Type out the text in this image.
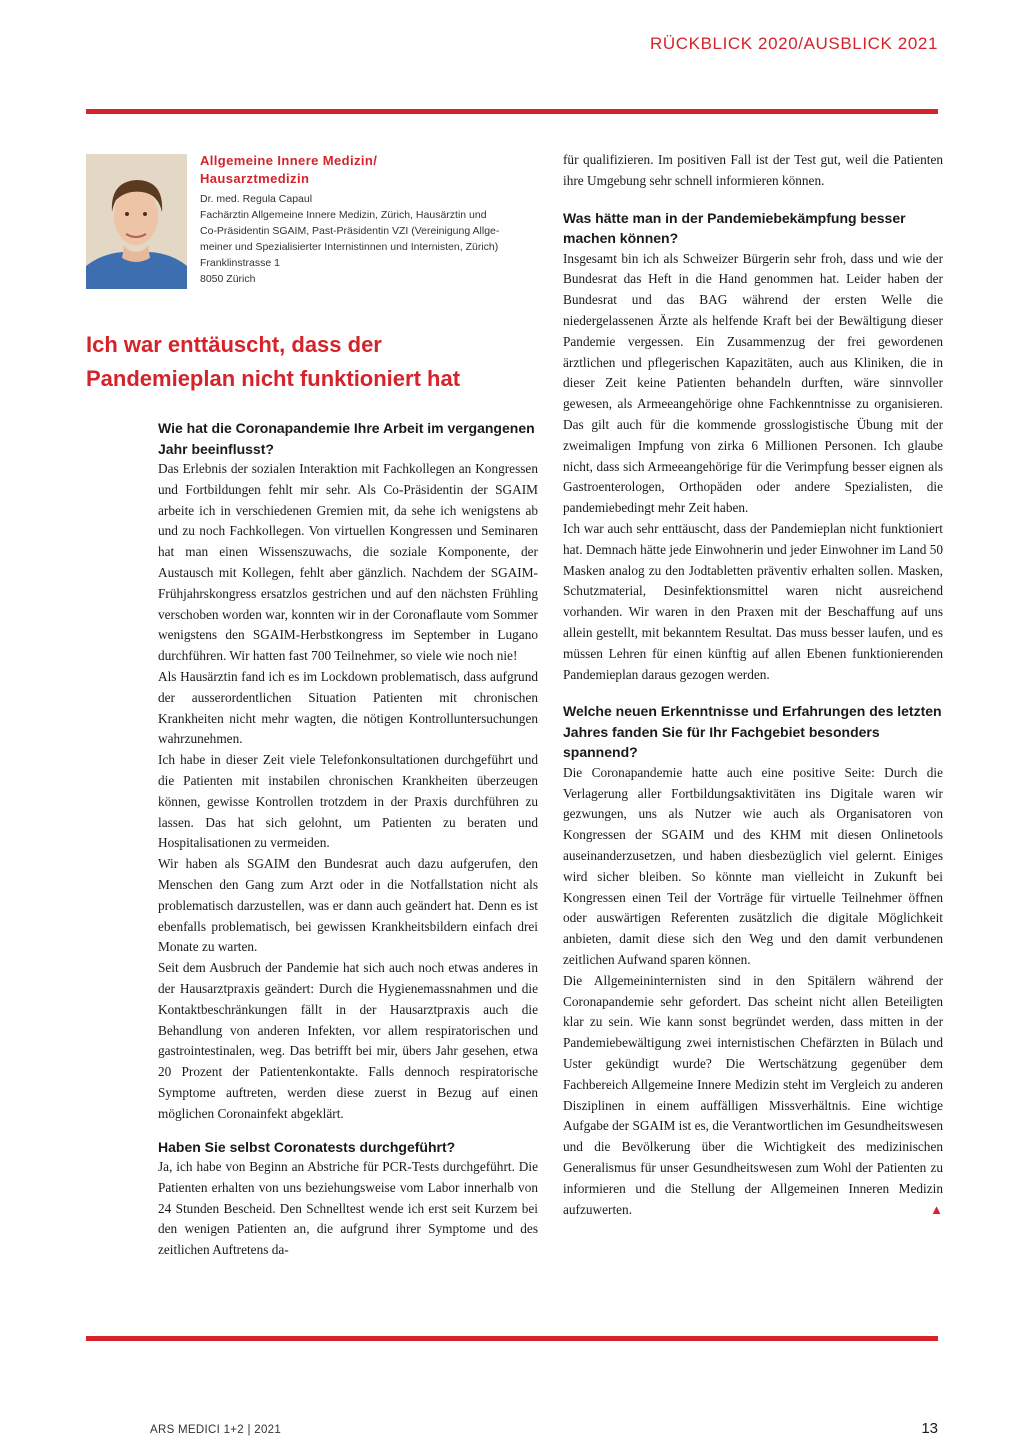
RÜCKBLICK 2020/AUSBLICK 2021
Allgemeine Innere Medizin/
Hausarztmedizin
Dr. med. Regula Capaul
Fachärztin Allgemeine Innere Medizin, Zürich, Hausärztin und
Co-Präsidentin SGAIM, Past-Präsidentin VZI (Vereinigung Allge-
meiner und Spezialisierter Internistinnen und Internisten, Zürich)
Franklinstrasse 1
8050 Zürich
Ich war enttäuscht, dass der
Pandemieplan nicht funktioniert hat
Wie hat die Coronapandemie Ihre Arbeit im vergangenen Jahr beeinflusst?

Das Erlebnis der sozialen Interaktion mit Fachkollegen an Kongressen und Fortbildungen fehlt mir sehr. Als Co-Präsidentin der SGAIM arbeite ich in verschiedenen Gremien mit, da sehe ich wenigstens ab und zu noch Fachkollegen. Von virtuellen Kongressen und Seminaren hat man einen Wissenszuwachs, die soziale Komponente, der Austausch mit Kollegen, fehlt aber gänzlich. Nachdem der SGAIM-Frühjahrskongress ersatzlos gestrichen und auf den nächsten Frühling verschoben worden war, konnten wir in der Coronaflaute vom Sommer wenigstens den SGAIM-Herbstkongress im September in Lugano durchführen. Wir hatten fast 700 Teilnehmer, so viele wie noch nie!

Als Hausärztin fand ich es im Lockdown problematisch, dass aufgrund der ausserordentlichen Situation Patienten mit chronischen Krankheiten nicht mehr wagten, die nötigen Kontrolluntersuchungen wahrzunehmen.

Ich habe in dieser Zeit viele Telefonkonsultationen durchgeführt und die Patienten mit instabilen chronischen Krankheiten überzeugen können, gewisse Kontrollen trotzdem in der Praxis durchführen zu lassen. Das hat sich gelohnt, um Patienten zu beraten und Hospitalisationen zu vermeiden.

Wir haben als SGAIM den Bundesrat auch dazu aufgerufen, den Menschen den Gang zum Arzt oder in die Notfallstation nicht als problematisch darzustellen, was er dann auch geändert hat. Denn es ist ebenfalls problematisch, bei gewissen Krankheitsbildern einfach drei Monate zu warten.

Seit dem Ausbruch der Pandemie hat sich auch noch etwas anderes in der Hausarztpraxis geändert: Durch die Hygienemassnahmen und die Kontaktbeschränkungen fällt in der Hausarztpraxis auch die Behandlung von anderen Infekten, vor allem respiratorischen und gastrointestinalen, weg. Das betrifft bei mir, übers Jahr gesehen, etwa 20 Prozent der Patientenkontakte. Falls dennoch respiratorische Symptome auftreten, werden diese zuerst in Bezug auf einen möglichen Coronainfekt abgeklärt.

Haben Sie selbst Coronatests durchgeführt?

Ja, ich habe von Beginn an Abstriche für PCR-Tests durchgeführt. Die Patienten erhalten von uns beziehungsweise vom Labor innerhalb von 24 Stunden Bescheid. Den Schnelltest wende ich erst seit Kurzem bei den wenigen Patienten an, die aufgrund ihrer Symptome und des zeitlichen Auftretens da-

für qualifizieren. Im positiven Fall ist der Test gut, weil die Patienten ihre Umgebung sehr schnell informieren können.

Was hätte man in der Pandemiebekämpfung besser machen können?

Insgesamt bin ich als Schweizer Bürgerin sehr froh, dass und wie der Bundesrat das Heft in die Hand genommen hat. Leider haben der Bundesrat und das BAG während der ersten Welle die niedergelassenen Ärzte als helfende Kraft bei der Bewältigung dieser Pandemie vergessen. Ein Zusammenzug der frei gewordenen ärztlichen und pflegerischen Kapazitäten, auch aus Kliniken, die in dieser Zeit keine Patienten behandeln durften, wäre sinnvoller gewesen, als Armeeangehörige ohne Fachkenntnisse zu organisieren. Das gilt auch für die kommende grosslogistische Übung mit der zweimaligen Impfung von zirka 6 Millionen Personen. Ich glaube nicht, dass sich Armeeangehörige für die Verimpfung besser eignen als Gastroenterologen, Orthopäden oder andere Spezialisten, die pandemiebedingt mehr Zeit haben.

Ich war auch sehr enttäuscht, dass der Pandemieplan nicht funktioniert hat. Demnach hätte jede Einwohnerin und jeder Einwohner im Land 50 Masken analog zu den Jodtabletten präventiv erhalten sollen. Masken, Schutzmaterial, Desinfektionsmittel waren nicht ausreichend vorhanden. Wir waren in den Praxen mit der Beschaffung auf uns allein gestellt, mit bekanntem Resultat. Das muss besser laufen, und es müssen Lehren für einen künftig auf allen Ebenen funktionierenden Pandemieplan daraus gezogen werden.

Welche neuen Erkenntnisse und Erfahrungen des letzten Jahres fanden Sie für Ihr Fachgebiet besonders spannend?

Die Coronapandemie hatte auch eine positive Seite: Durch die Verlagerung aller Fortbildungsaktivitäten ins Digitale waren wir gezwungen, uns als Nutzer wie auch als Organisatoren von Kongressen der SGAIM und des KHM mit diesen Onlinetools auseinanderzusetzen, und haben diesbezüglich viel gelernt. Einiges wird sicher bleiben. So könnte man vielleicht in Zukunft bei Kongressen einen Teil der Vorträge für virtuelle Teilnehmer öffnen oder auswärtigen Referenten zusätzlich die digitale Möglichkeit anbieten, damit diese sich den Weg und den damit verbundenen zeitlichen Aufwand sparen können.

Die Allgemeininternisten sind in den Spitälern während der Coronapandemie sehr gefordert. Das scheint nicht allen Beteiligten klar zu sein. Wie kann sonst begründet werden, dass mitten in der Pandemiebewältigung zwei internistischen Chefärzten in Bülach und Uster gekündigt wurde? Die Wertschätzung gegenüber dem Fachbereich Allgemeine Innere Medizin steht im Vergleich zu anderen Disziplinen in einem auffälligen Missverhältnis. Eine wichtige Aufgabe der SGAIM ist es, die Verantwortlichen im Gesundheitswesen und die Bevölkerung über die Wichtigkeit des medizinischen Generalismus für unser Gesundheitswesen zum Wohl der Patienten zu informieren und die Stellung der Allgemeinen Inneren Medizin aufzuwerten.	▲

ARS MEDICI 1+2 | 2021	13
